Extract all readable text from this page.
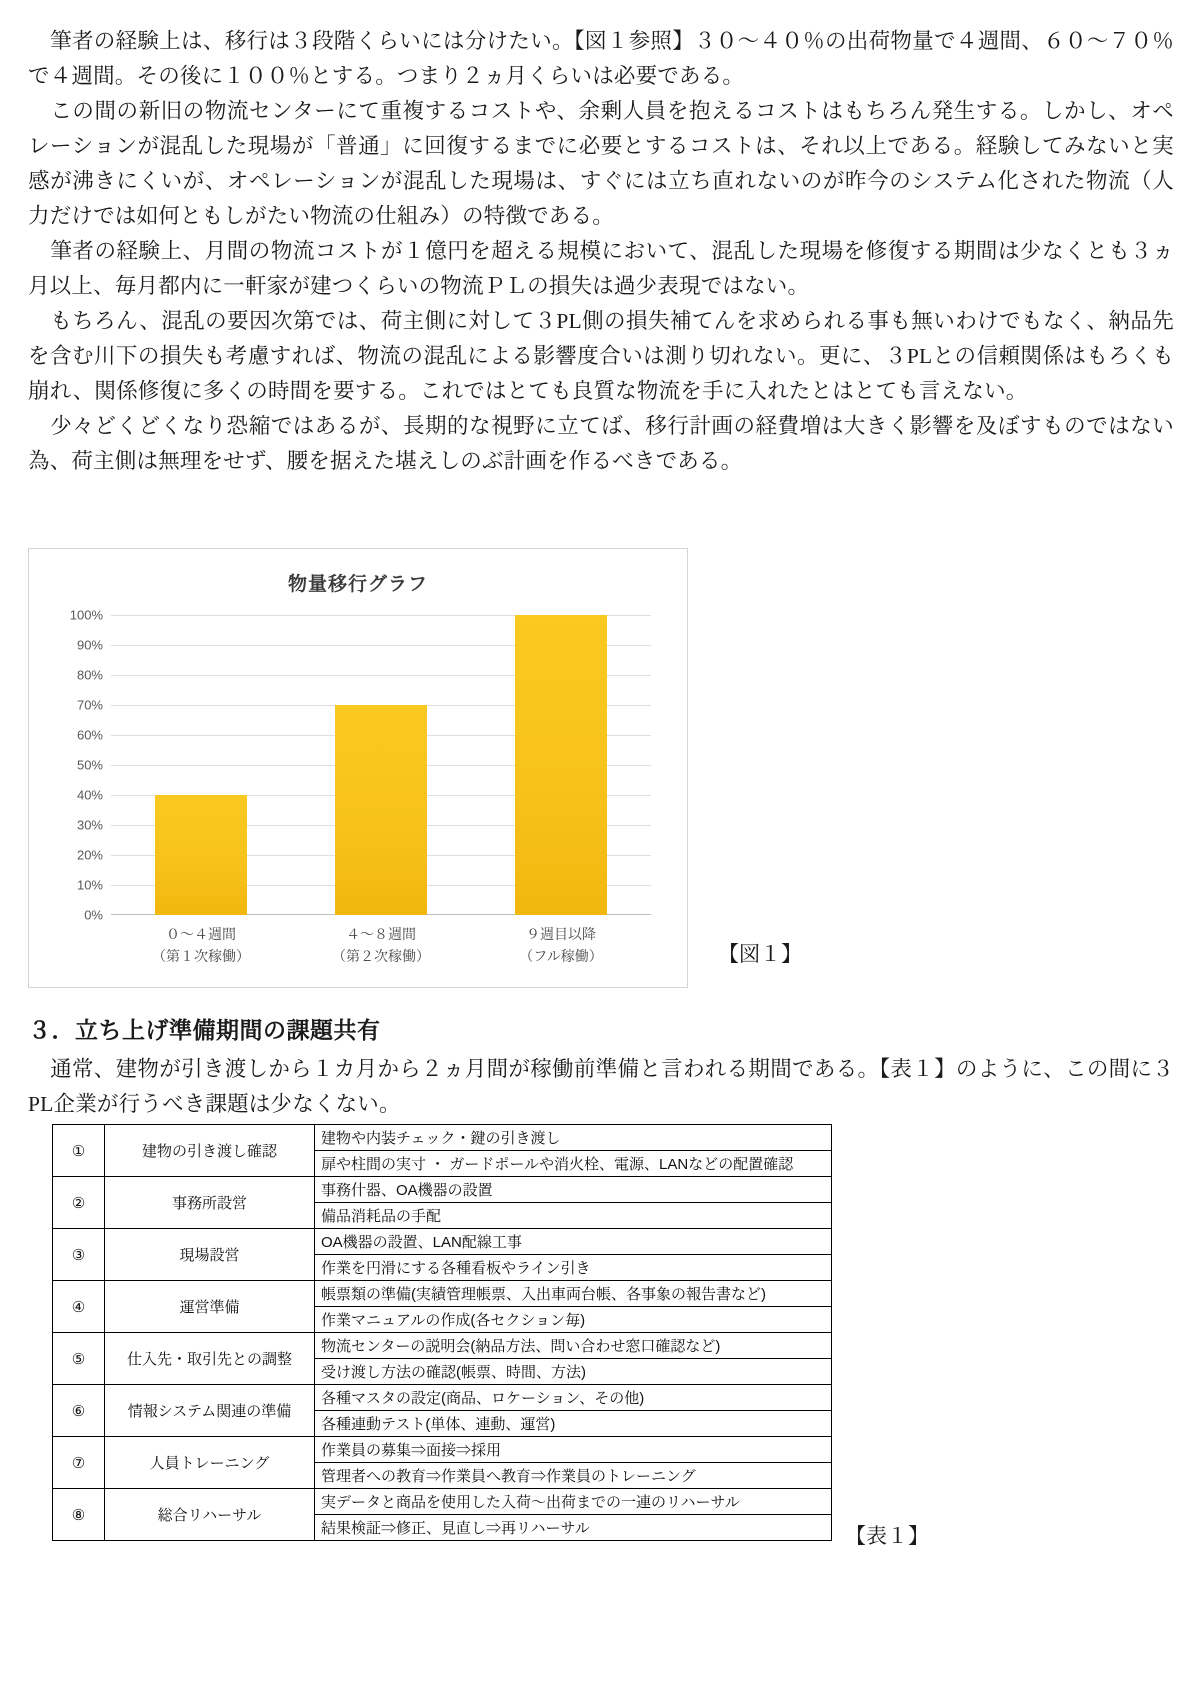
筆者の経験上は、移行は３段階くらいには分けたい。【図１参照】３０〜４０％の出荷物量で４週間、６０〜７０％で４週間。その後に１００％とする。つまり２ヵ月くらいは必要である。

この間の新旧の物流センターにて重複するコストや、余剰人員を抱えるコストはもちろん発生する。しかし、オペレーションが混乱した現場が「普通」に回復するまでに必要とするコストは、それ以上である。経験してみないと実感が沸きにくいが、オペレーションが混乱した現場は、すぐには立ち直れないのが昨今のシステム化された物流（人力だけでは如何ともしがたい物流の仕組み）の特徴である。

筆者の経験上、月間の物流コストが１億円を超える規模において、混乱した現場を修復する期間は少なくとも３ヵ月以上、毎月都内に一軒家が建つくらいの物流ＰＬの損失は過少表現ではない。

もちろん、混乱の要因次第では、荷主側に対して３PL側の損失補てんを求められる事も無いわけでもなく、納品先を含む川下の損失も考慮すれば、物流の混乱による影響度合いは測り切れない。更に、３PLとの信頼関係はもろくも崩れ、関係修復に多くの時間を要する。これではとても良質な物流を手に入れたとはとても言えない。

少々どくどくなり恐縮ではあるが、長期的な視野に立てば、移行計画の経費増は大きく影響を及ぼすものではない為、荷主側は無理をせず、腰を据えた堪えしのぶ計画を作るべきである。

物量移行グラフ
100%
90%
80%
70%
60%
50%
40%
30%
20%
10%
0%
０〜４週間
（第１次稼働）
４〜８週間
（第２次稼働）
９週目以降
（フル稼働）	【図１】
３．立ち上げ準備期間の課題共有

通常、建物が引き渡しから１カ月から２ヵ月間が稼働前準備と言われる期間である。【表１】のように、この間に３PL企業が行うべき課題は少なくない。

①	建物の引き渡し確認	建物や内装チェック・鍵の引き渡し
		扉や柱間の実寸 ・ ガードポールや消火栓、電源、LANなどの配置確認
②	事務所設営	事務什器、OA機器の設置
		備品消耗品の手配
③	現場設営	OA機器の設置、LAN配線工事
		作業を円滑にする各種看板やライン引き
④	運営準備	帳票類の準備(実績管理帳票、入出車両台帳、各事象の報告書など)
		作業マニュアルの作成(各セクション毎)
⑤	仕入先・取引先との調整	物流センターの説明会(納品方法、問い合わせ窓口確認など)
		受け渡し方法の確認(帳票、時間、方法)
⑥	情報システム関連の準備	各種マスタの設定(商品、ロケーション、その他)
		各種連動テスト(単体、連動、運営)
⑦	人員トレーニング	作業員の募集⇒面接⇒採用
		管理者への教育⇒作業員へ教育⇒作業員のトレーニング
⑧	総合リハーサル	実データと商品を使用した入荷〜出荷までの一連のリハーサル
		結果検証⇒修正、見直し⇒再リハーサル	【表１】
